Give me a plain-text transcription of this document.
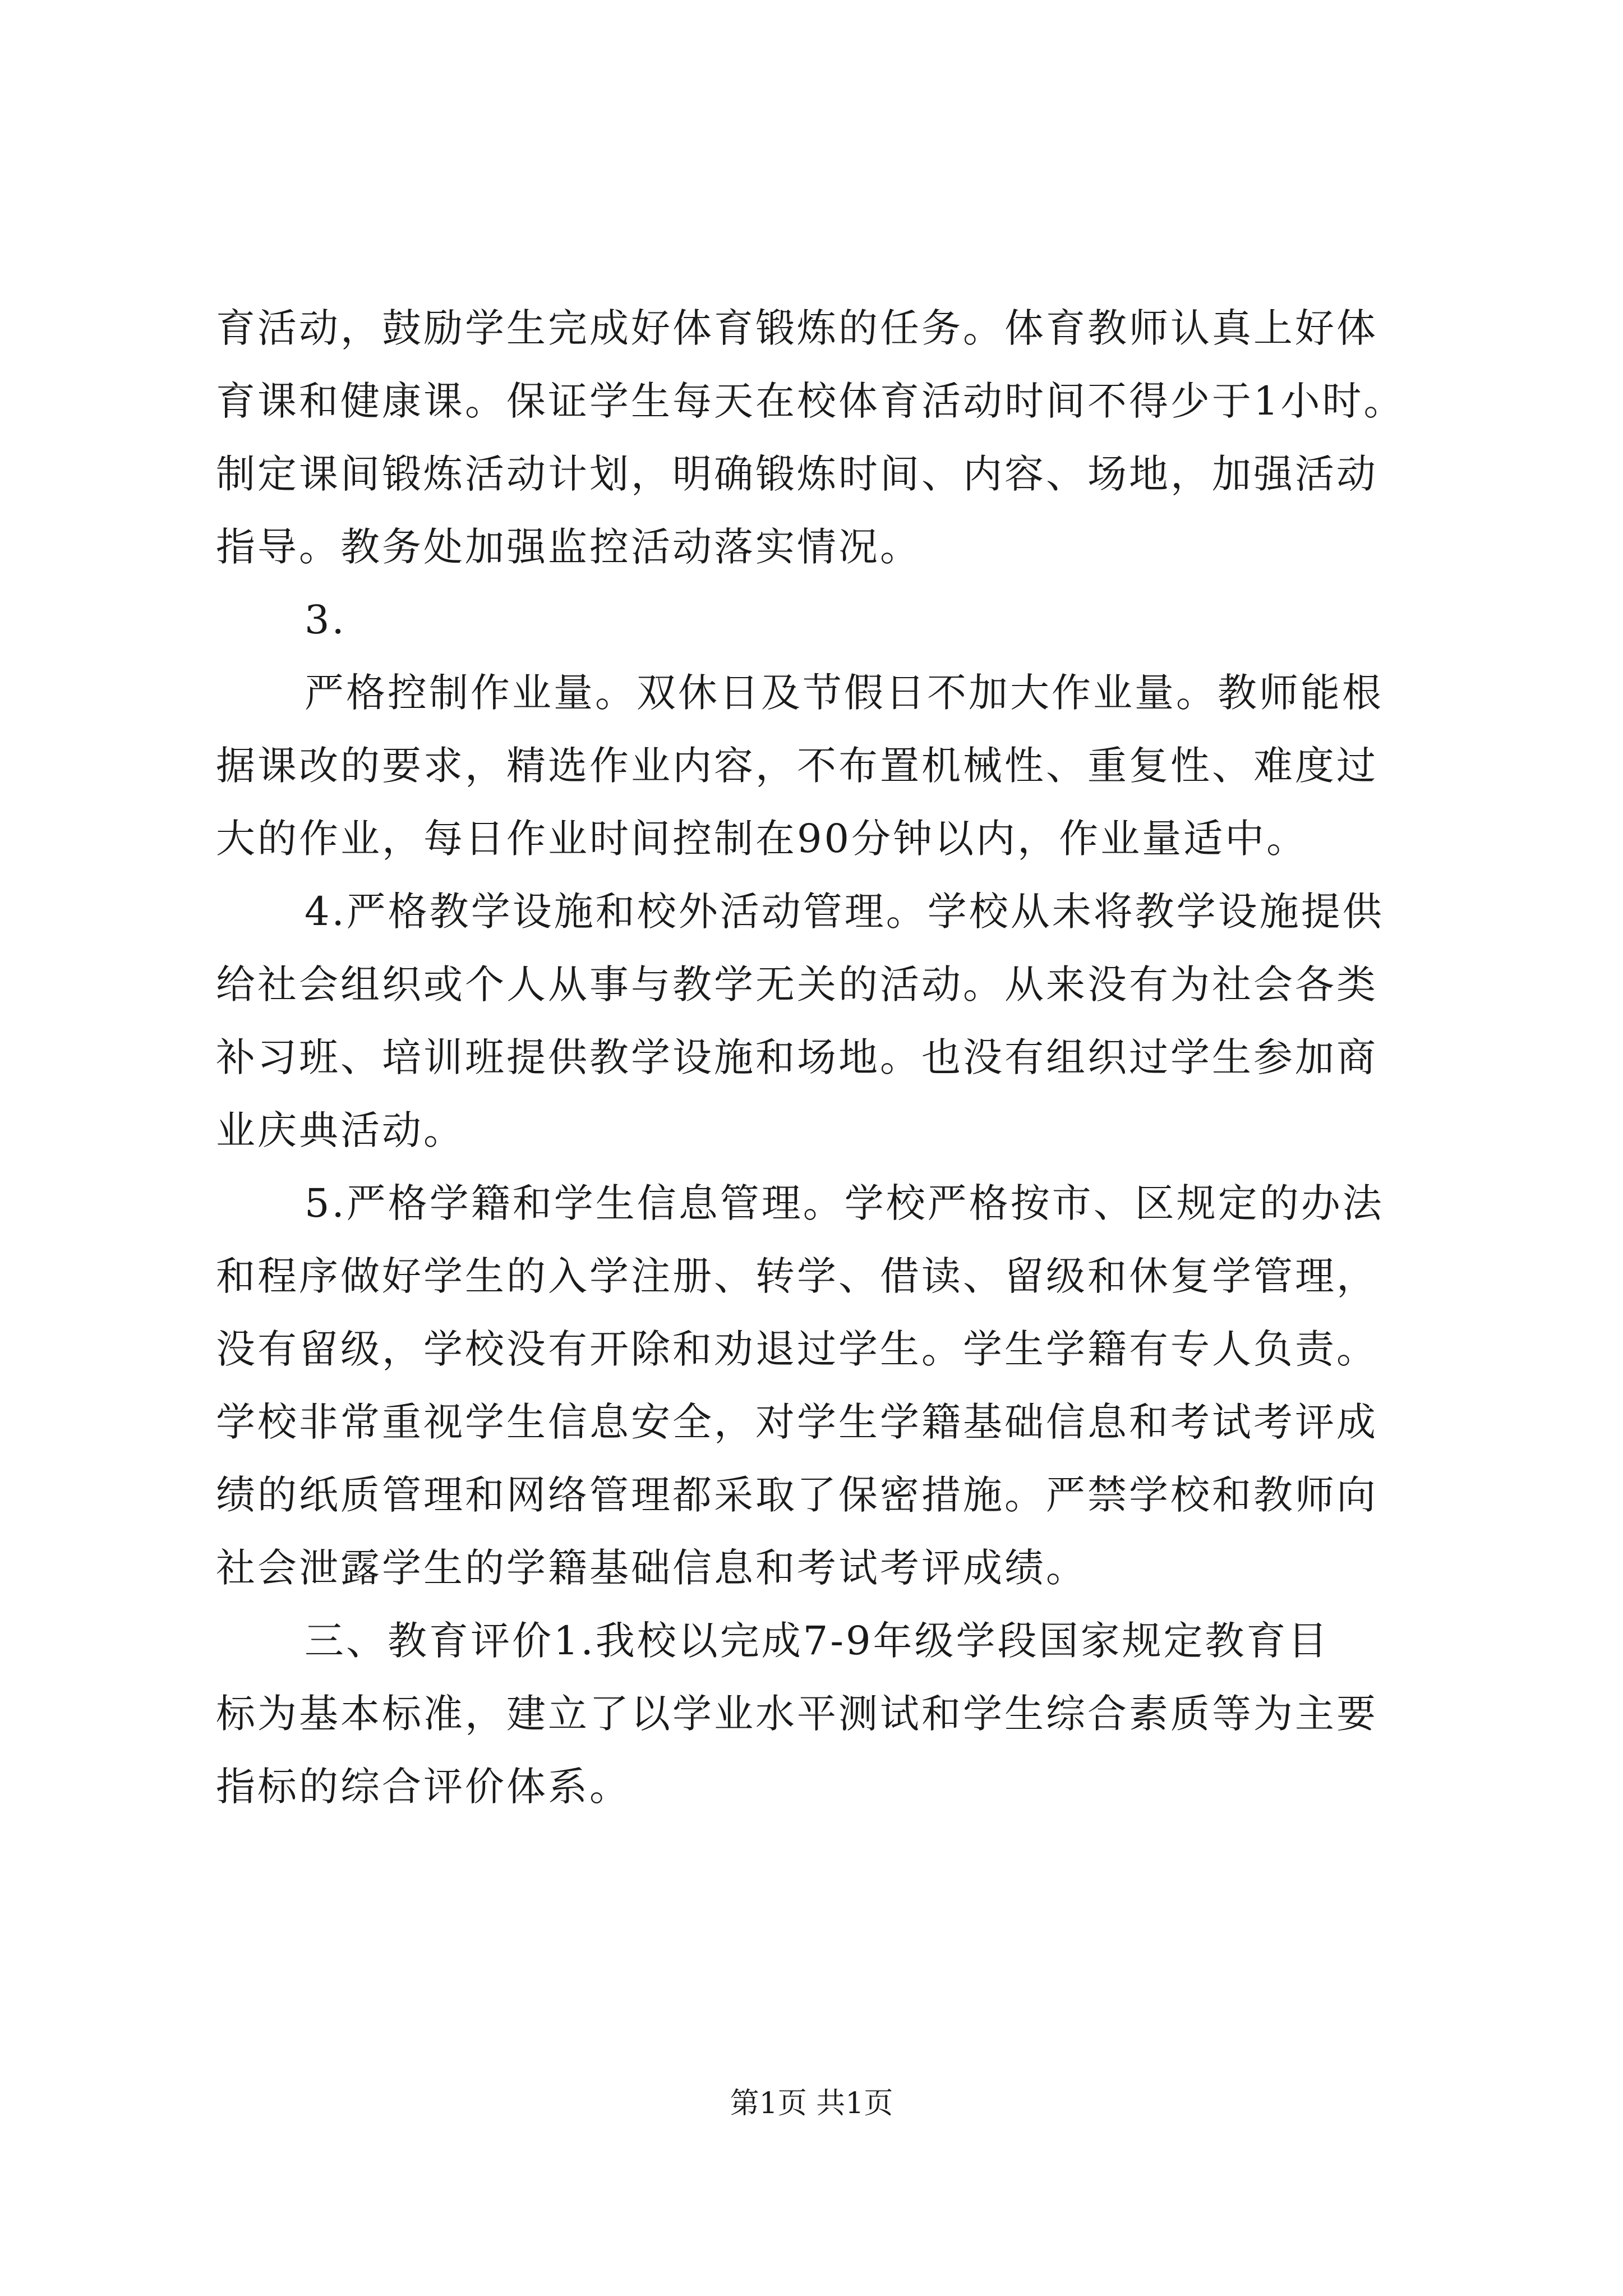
育活动，鼓励学生完成好体育锻炼的任务。体育教师认真上好体
育课和健康课。保证学生每天在校体育活动时间不得少于1小时。
制定课间锻炼活动计划，明确锻炼时间、内容、场地，加强活动
指导。教务处加强监控活动落实情况。
3.
严格控制作业量。双休日及节假日不加大作业量。教师能根
据课改的要求，精选作业内容，不布置机械性、重复性、难度过
大的作业，每日作业时间控制在90分钟以内，作业量适中。
4.严格教学设施和校外活动管理。学校从未将教学设施提供
给社会组织或个人从事与教学无关的活动。从来没有为社会各类
补习班、培训班提供教学设施和场地。也没有组织过学生参加商
业庆典活动。
5.严格学籍和学生信息管理。学校严格按市、区规定的办法
和程序做好学生的入学注册、转学、借读、留级和休复学管理，
没有留级，学校没有开除和劝退过学生。学生学籍有专人负责。
学校非常重视学生信息安全，对学生学籍基础信息和考试考评成
绩的纸质管理和网络管理都采取了保密措施。严禁学校和教师向
社会泄露学生的学籍基础信息和考试考评成绩。
三、教育评价1.我校以完成7-9年级学段国家规定教育目
标为基本标准，建立了以学业水平测试和学生综合素质等为主要
指标的综合评价体系。
第1页 共1页
